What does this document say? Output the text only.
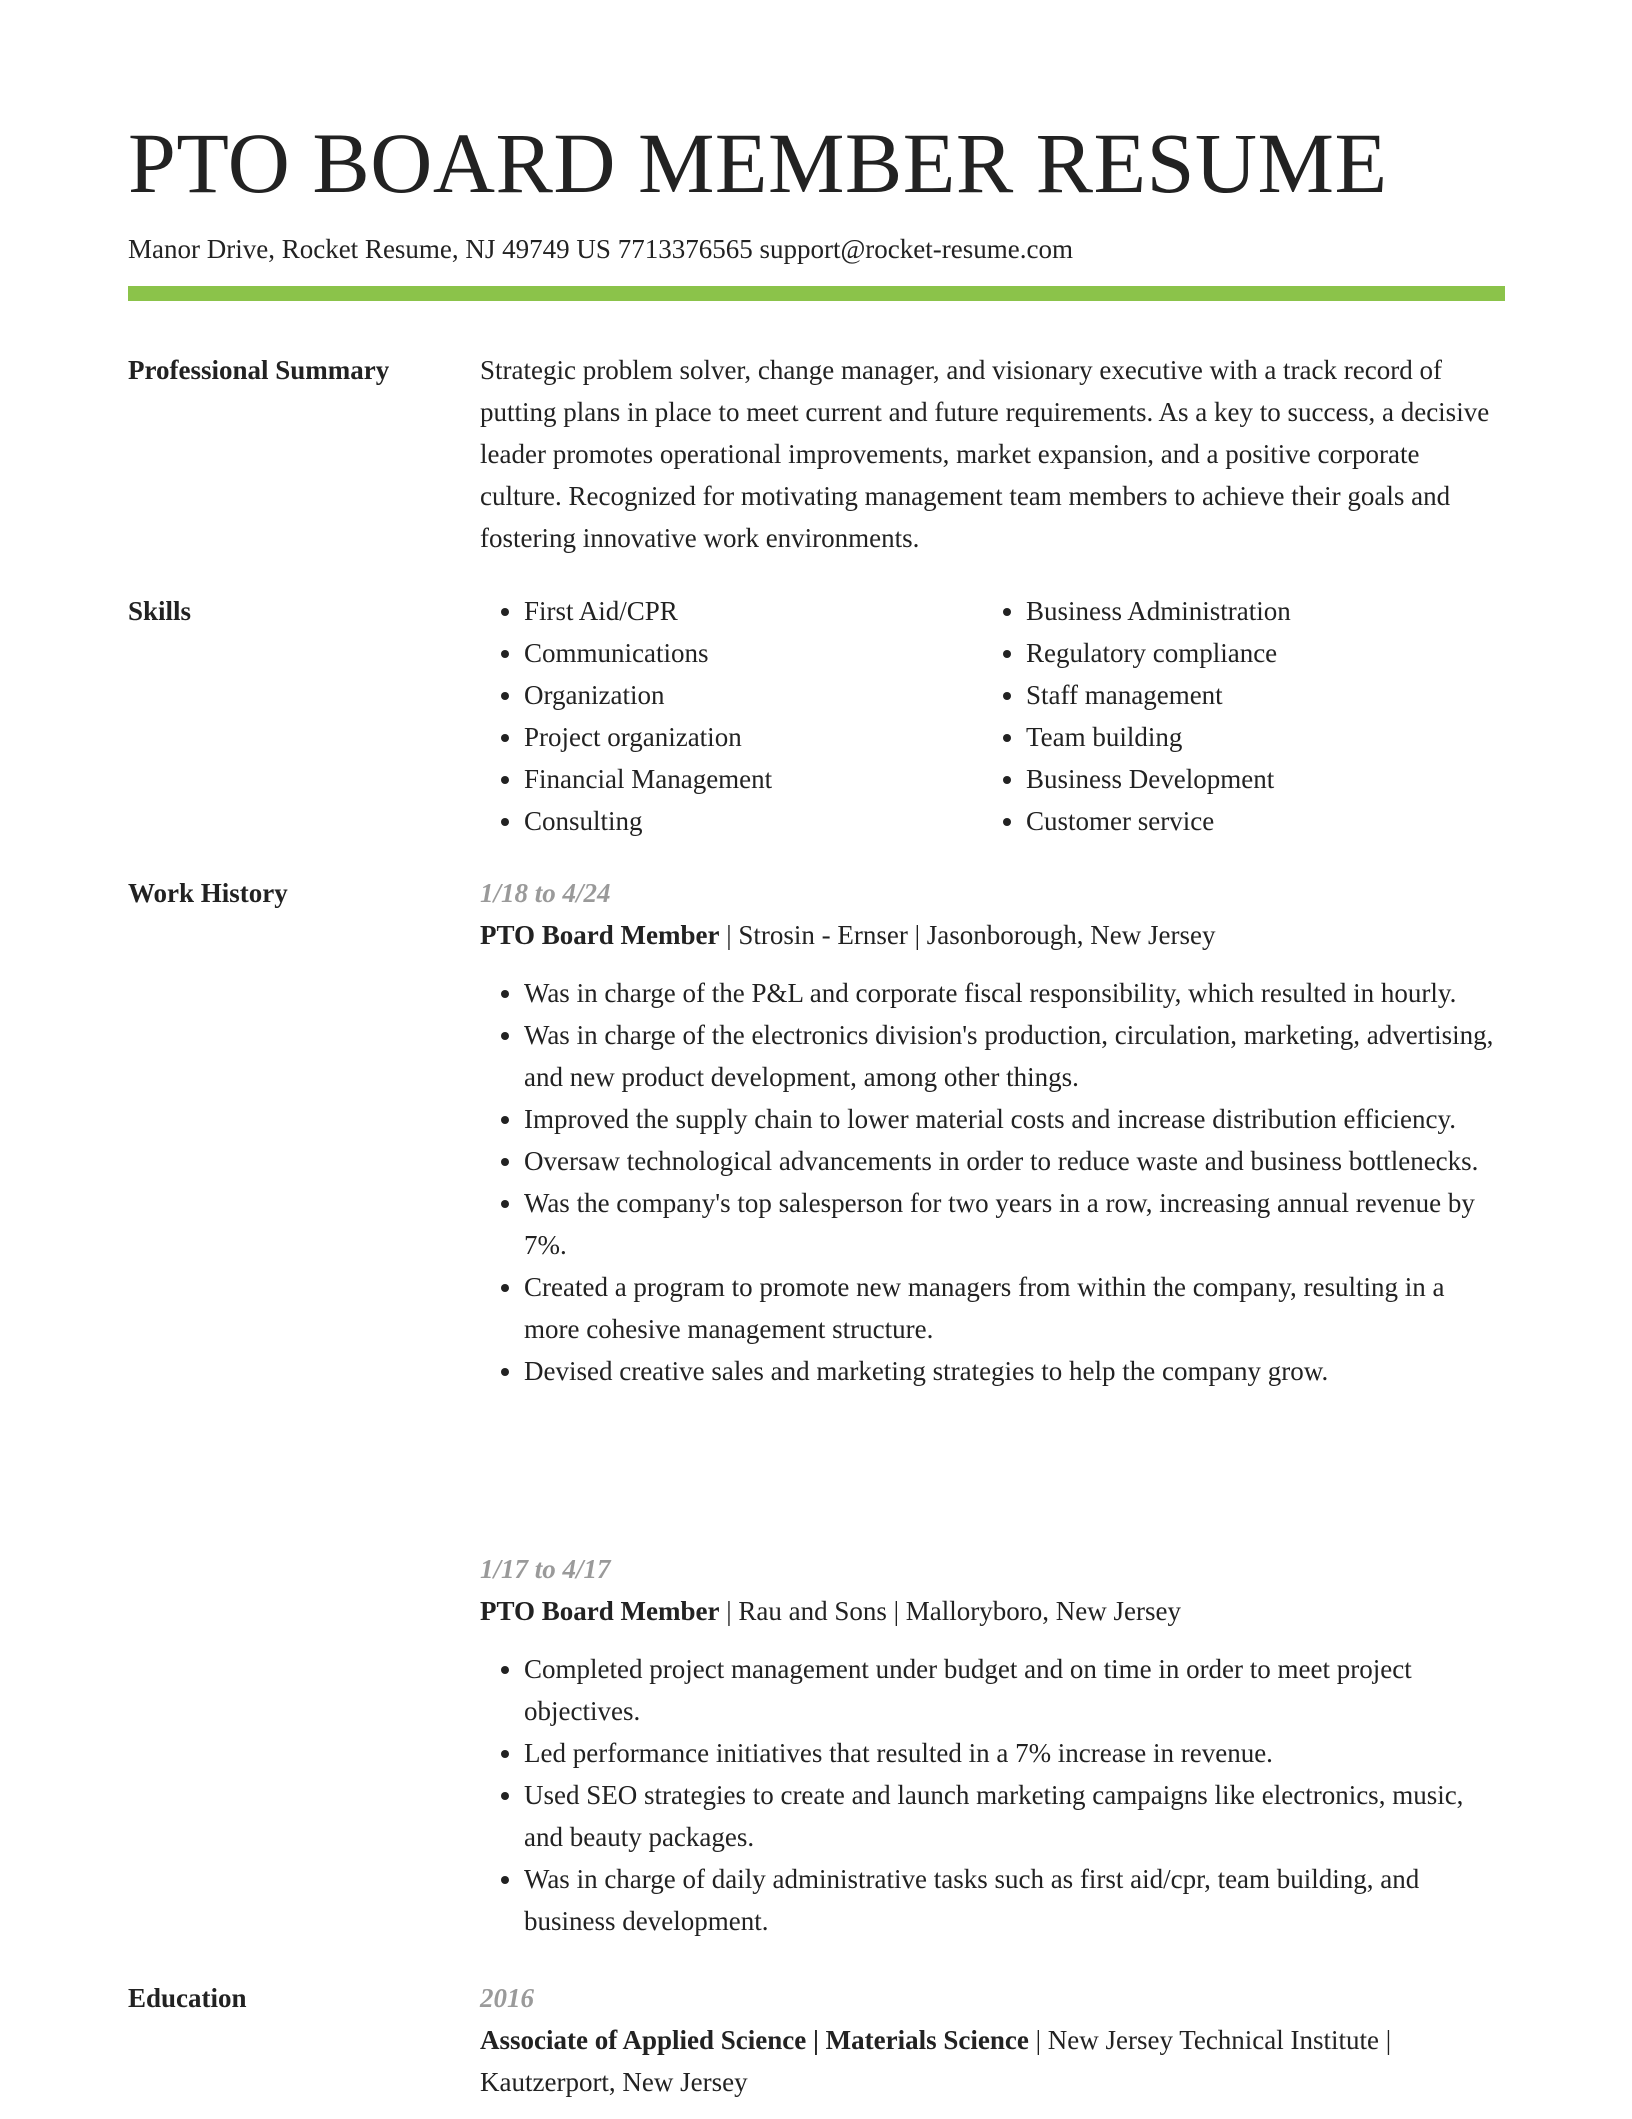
PTO BOARD MEMBER RESUME
Manor Drive, Rocket Resume, NJ 49749 US 7713376565 support@rocket-resume.com
Professional Summary	Strategic problem solver, change manager, and visionary executive with a track record of putting plans in place to meet current and future requirements. As a key to success, a decisive leader promotes operational improvements, market expansion, and a positive corporate culture. Recognized for motivating management team members to achieve their goals and fostering innovative work environments.

Skills
•	First Aid/CPR
• Communications
• Organization
• Project organization
• Financial Management
• Consulting
• Business Administration
• Regulatory compliance
• Staff management
• Team building
• Business Development
• Customer service
Work History	1/18 to 4/24
PTO Board Member | Strosin - Ernser | Jasonborough, New Jersey
• Was in charge of the P&L and corporate fiscal responsibility, which resulted in hourly.
• Was in charge of the electronics division's production, circulation, marketing, advertising, and new product development, among other things.
• Improved the supply chain to lower material costs and increase distribution efficiency.
• Oversaw technological advancements in order to reduce waste and business bottlenecks.
• Was the company's top salesperson for two years in a row, increasing annual revenue by 7%.
• Created a program to promote new managers from within the company, resulting in a more cohesive management structure.
• Devised creative sales and marketing strategies to help the company grow.
1/17 to 4/17
PTO Board Member | Rau and Sons | Malloryboro, New Jersey
• Completed project management under budget and on time in order to meet project objectives.
• Led performance initiatives that resulted in a 7% increase in revenue.
• Used SEO strategies to create and launch marketing campaigns like electronics, music, and beauty packages.
• Was in charge of daily administrative tasks such as first aid/cpr, team building, and business development.
Education	2016
Associate of Applied Science | Materials Science | New Jersey Technical Institute | Kautzerport, New Jersey
